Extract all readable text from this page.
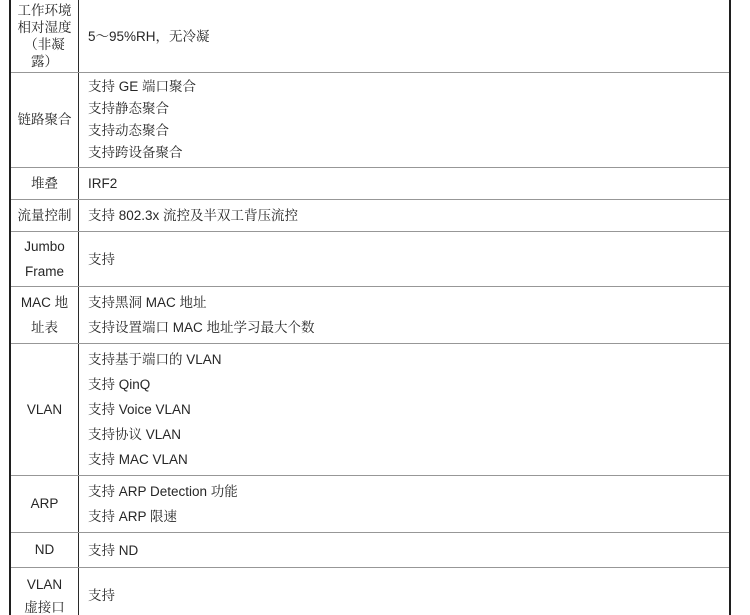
工作环境
相对湿度
（非凝
露）
5～95%RH，无冷凝
链路聚合
支持 GE 端口聚合
支持静态聚合
支持动态聚合
支持跨设备聚合
堆叠 IRF2
流量控制 支持 802.3x 流控及半双工背压流控
Jumbo
Frame
支持
MAC 地
址表
支持黑洞 MAC 地址
支持设置端口 MAC 地址学习最大个数
VLAN
支持基于端口的 VLAN
支持 QinQ
支持 Voice VLAN
支持协议 VLAN
支持 MAC VLAN
ARP
支持 ARP Detection 功能
支持 ARP 限速
ND	支持 ND
VLAN
虚接口
支持
